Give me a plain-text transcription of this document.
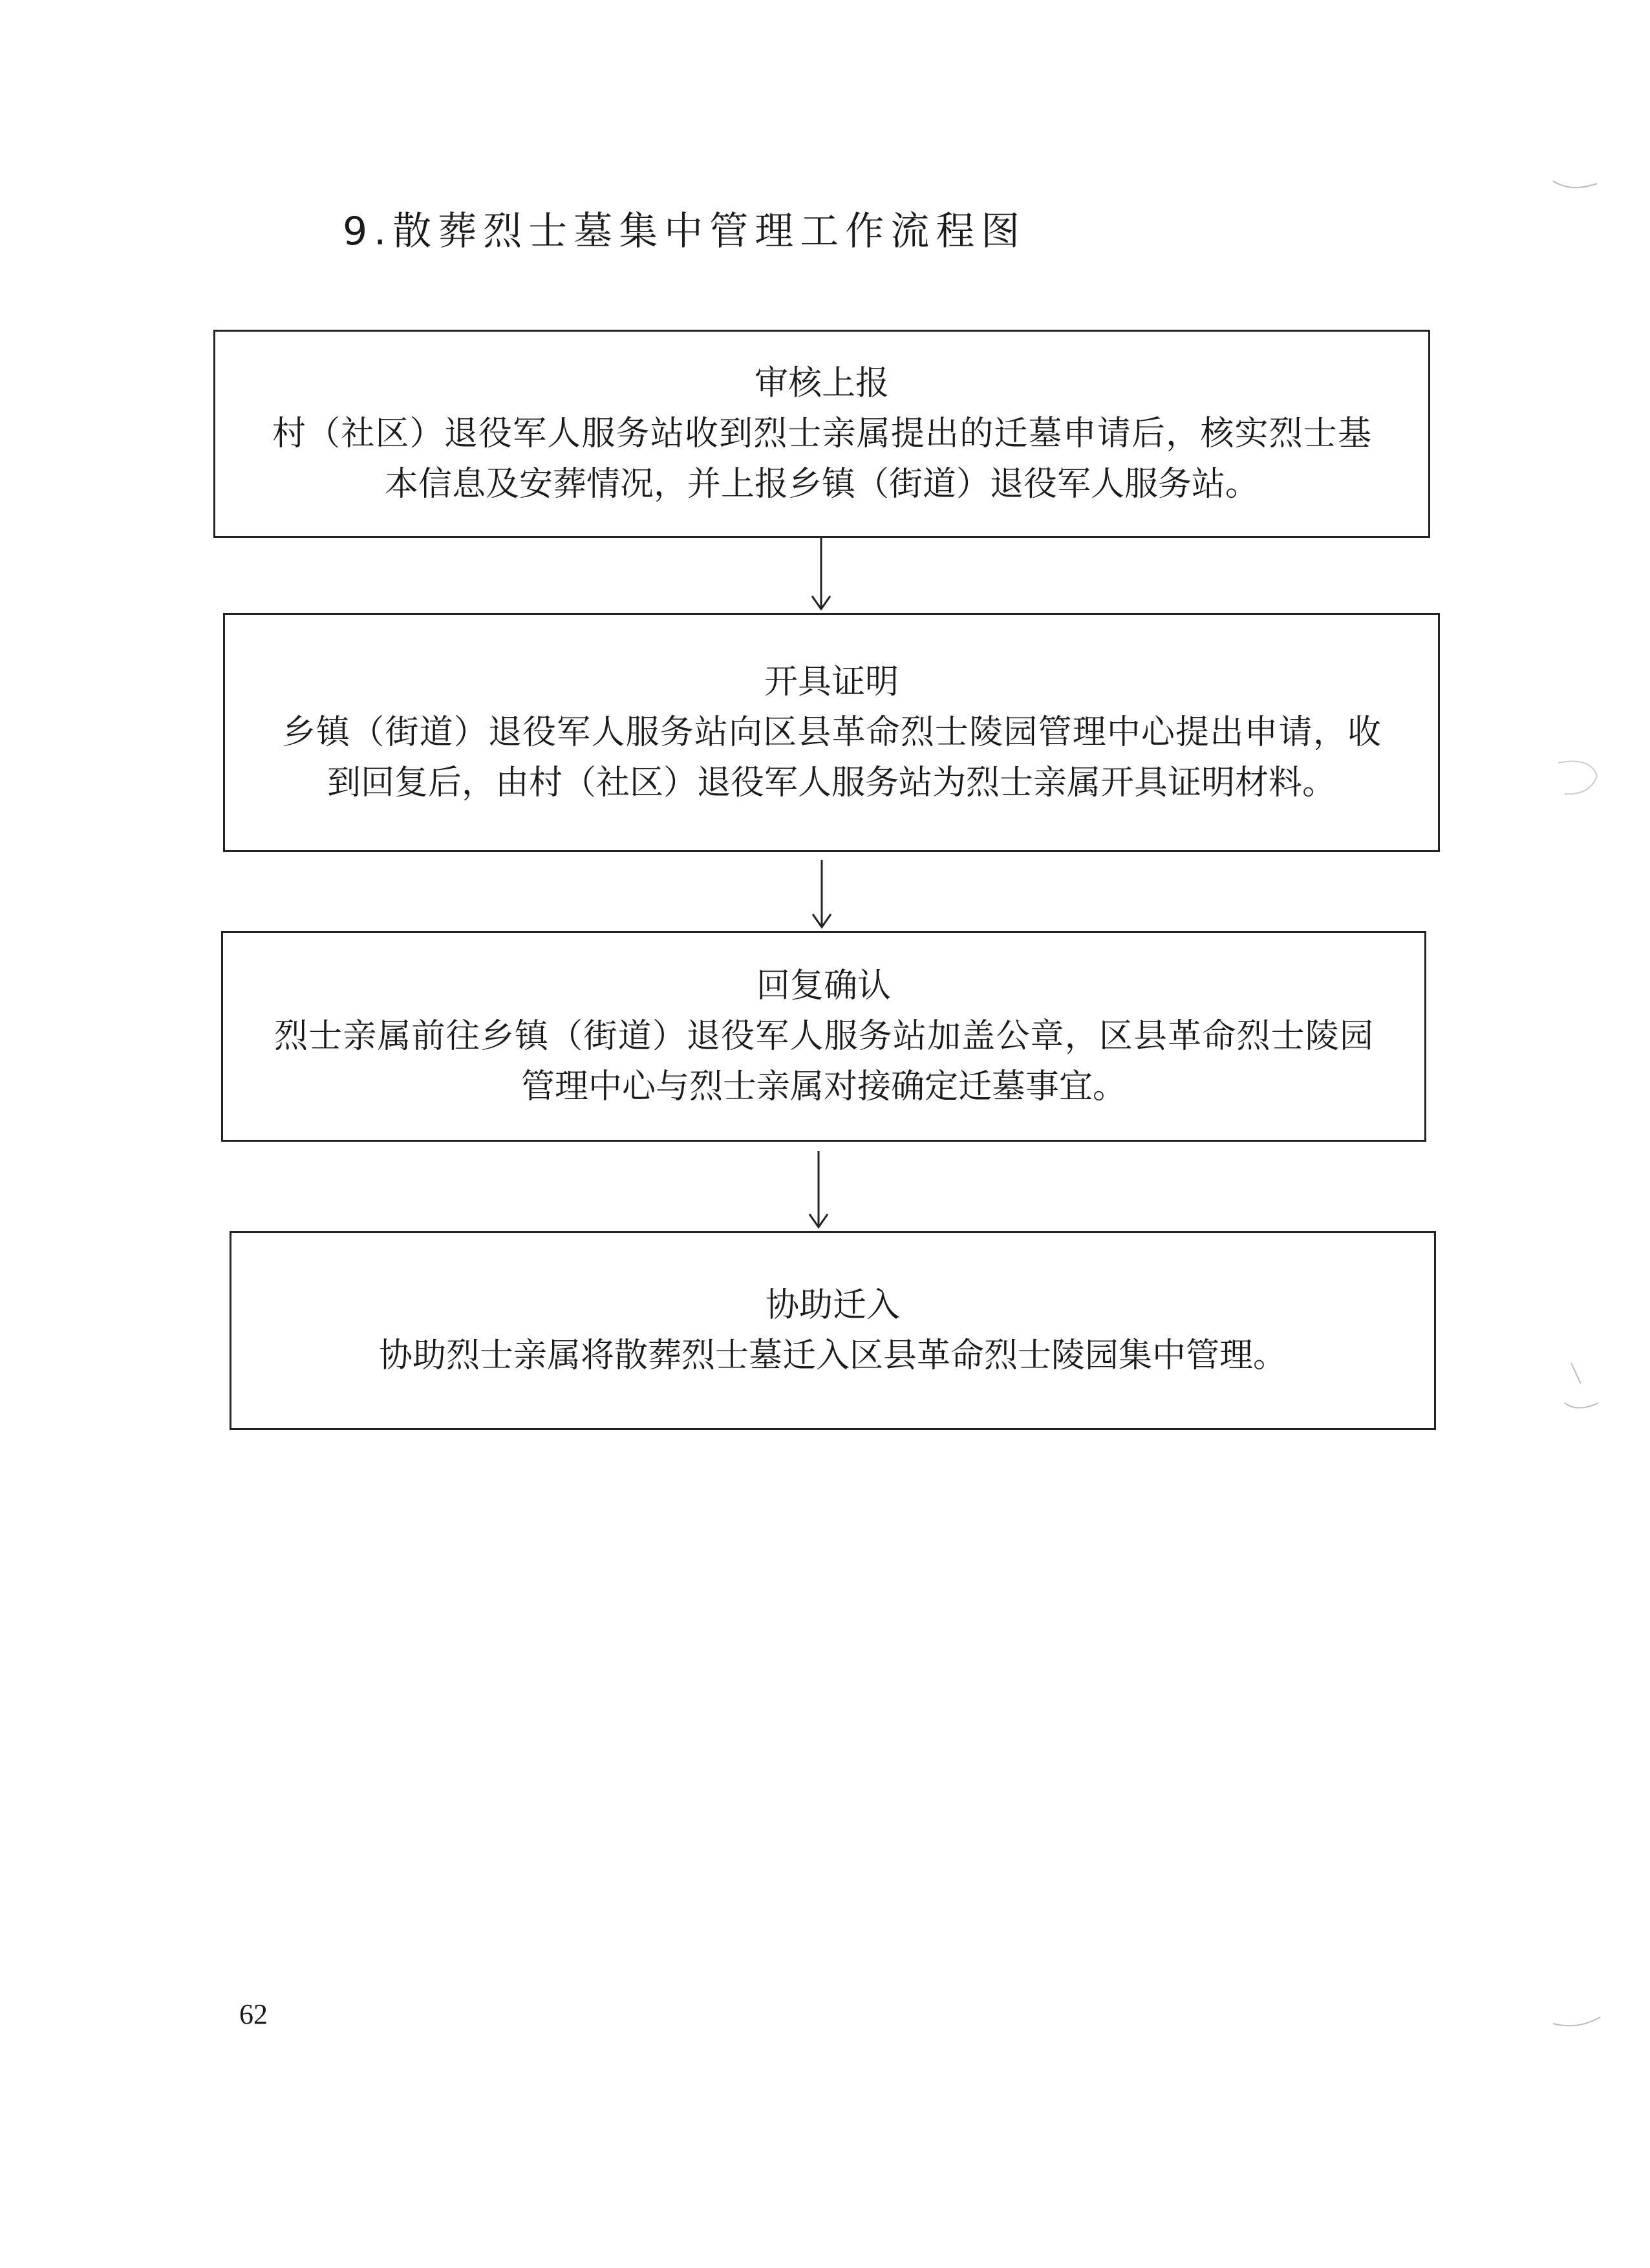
9.散葬烈士墓集中管理工作流程图
审核上报
村（社区）退役军人服务站收到烈士亲属提出的迁墓申请后，核实烈士基本信息及安葬情况，并上报乡镇（街道）退役军人服务站。
开具证明
乡镇（街道）退役军人服务站向区县革命烈士陵园管理中心提出申请，收到回复后，由村（社区）退役军人服务站为烈士亲属开具证明材料。
回复确认
烈士亲属前往乡镇（街道）退役军人服务站加盖公章，区县革命烈士陵园管理中心与烈士亲属对接确定迁墓事宜。
协助迁入
协助烈士亲属将散葬烈士墓迁入区县革命烈士陵园集中管理。
62
